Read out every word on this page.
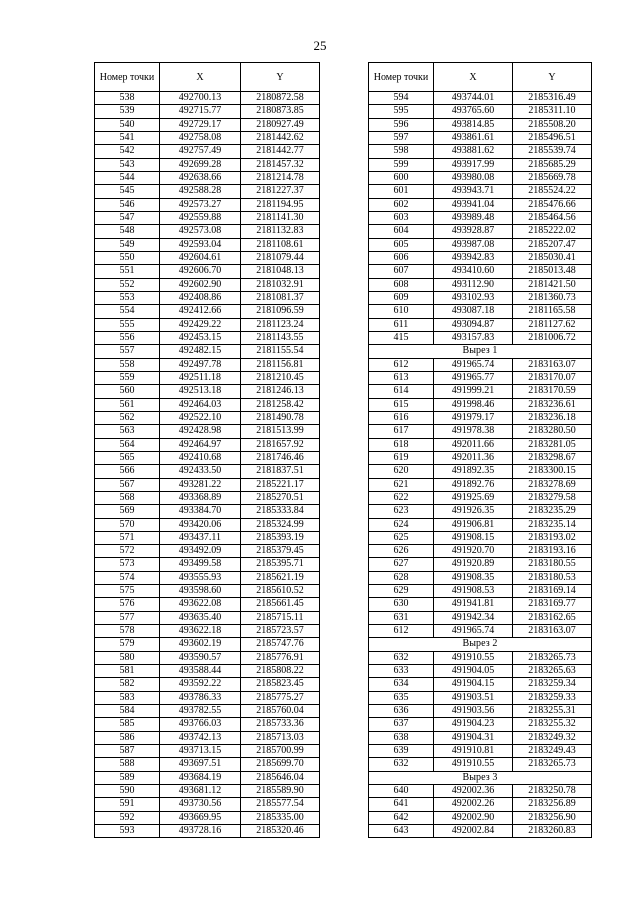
25
Номер точки	X	Y
538	492700.13	2180872.58
539	492715.77	2180873.85
540	492729.17	2180927.49
541	492758.08	2181442.62
542	492757.49	2181442.77
543	492699.28	2181457.32
544	492638.66	2181214.78
545	492588.28	2181227.37
546	492573.27	2181194.95
547	492559.88	2181141.30
548	492573.08	2181132.83
549	492593.04	2181108.61
550	492604.61	2181079.44
551	492606.70	2181048.13
552	492602.90	2181032.91
553	492408.86	2181081.37
554	492412.66	2181096.59
555	492429.22	2181123.24
556	492453.15	2181143.55
557	492482.15	2181155.54
558	492497.78	2181156.81
559	492511.18	2181210.45
560	492513.18	2181246.13
561	492464.03	2181258.42
562	492522.10	2181490.78
563	492428.98	2181513.99
564	492464.97	2181657.92
565	492410.68	2181746.46
566	492433.50	2181837.51
567	493281.22	2185221.17
568	493368.89	2185270.51
569	493384.70	2185333.84
570	493420.06	2185324.99
571	493437.11	2185393.19
572	493492.09	2185379.45
573	493499.58	2185395.71
574	493555.93	2185621.19
575	493598.60	2185610.52
576	493622.08	2185661.45
577	493635.40	2185715.11
578	493622.18	2185723.57
579	493602.19	2185747.76
580	493590.57	2185776.91
581	493588.44	2185808.22
582	493592.22	2185823.45
583	493786.33	2185775.27
584	493782.55	2185760.04
585	493766.03	2185733.36
586	493742.13	2185713.03
587	493713.15	2185700.99
588	493697.51	2185699.70
589	493684.19	2185646.04
590	493681.12	2185589.90
591	493730.56	2185577.54
592	493669.95	2185335.00
593	493728.16	2185320.46
Номер точки	X	Y
594	493744.01	2185316.49
595	493765.60	2185311.10
596	493814.85	2185508.20
597	493861.61	2185496.51
598	493881.62	2185539.74
599	493917.99	2185685.29
600	493980.08	2185669.78
601	493943.71	2185524.22
602	493941.04	2185476.66
603	493989.48	2185464.56
604	493928.87	2185222.02
605	493987.08	2185207.47
606	493942.83	2185030.41
607	493410.60	2185013.48
608	493112.90	2181421.50
609	493102.93	2181360.73
610	493087.18	2181165.58
611	493094.87	2181127.62
415	493157.83	2181006.72
Вырез 1		
612	491965.74	2183163.07
613	491965.77	2183170.07
614	491999.21	2183170.59
615	491998.46	2183236.61
616	491979.17	2183236.18
617	491978.38	2183280.50
618	492011.66	2183281.05
619	492011.36	2183298.67
620	491892.35	2183300.15
621	491892.76	2183278.69
622	491925.69	2183279.58
623	491926.35	2183235.29
624	491906.81	2183235.14
625	491908.15	2183193.02
626	491920.70	2183193.16
627	491920.89	2183180.55
628	491908.35	2183180.53
629	491908.53	2183169.14
630	491941.81	2183169.77
631	491942.34	2183162.65
612	491965.74	2183163.07
Вырез 2		
632	491910.55	2183265.73
633	491904.05	2183265.63
634	491904.15	2183259.34
635	491903.51	2183259.33
636	491903.56	2183255.31
637	491904.23	2183255.32
638	491904.31	2183249.32
639	491910.81	2183249.43
632	491910.55	2183265.73
Вырез 3		
640	492002.36	2183250.78
641	492002.26	2183256.89
642	492002.90	2183256.90
643	492002.84	2183260.83
